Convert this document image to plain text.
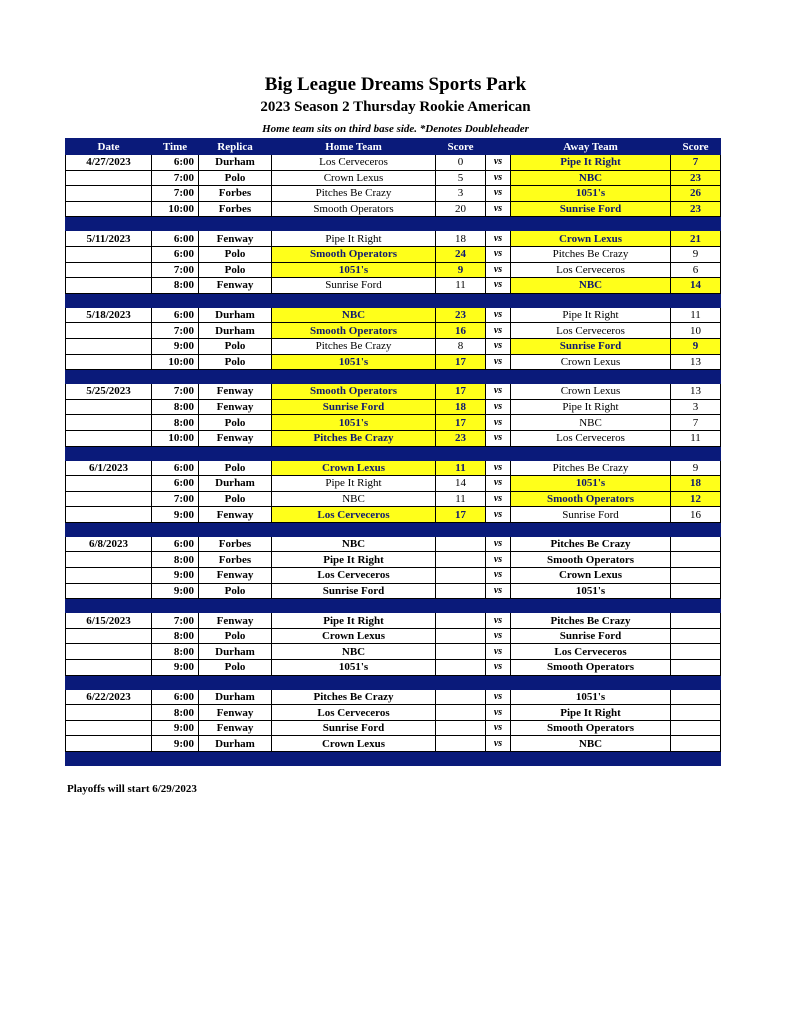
Big League Dreams Sports Park
2023 Season 2 Thursday Rookie American
Home team sits on third base side. *Denotes Doubleheader
Date	Time	Replica	Home Team	Score		Away Team	Score
4/27/2023	6:00	Durham	Los Cerveceros	0	vs	Pipe It Right	7
	7:00	Polo	Crown Lexus	5	vs	NBC	23
	7:00	Forbes	Pitches Be Crazy	3	vs	1051's	26
	10:00	Forbes	Smooth Operators	20	vs	Sunrise Ford	23

5/11/2023	6:00	Fenway	Pipe It Right	18	vs	Crown Lexus	21
	6:00	Polo	Smooth Operators	24	vs	Pitches Be Crazy	9
	7:00	Polo	1051's	9	vs	Los Cerveceros	6
	8:00	Fenway	Sunrise Ford	11	vs	NBC	14

5/18/2023	6:00	Durham	NBC	23	vs	Pipe It Right	11
	7:00	Durham	Smooth Operators	16	vs	Los Cerveceros	10
	9:00	Polo	Pitches Be Crazy	8	vs	Sunrise Ford	9
	10:00	Polo	1051's	17	vs	Crown Lexus	13

5/25/2023	7:00	Fenway	Smooth Operators	17	vs	Crown Lexus	13
	8:00	Fenway	Sunrise Ford	18	vs	Pipe It Right	3
	8:00	Polo	1051's	17	vs	NBC	7
	10:00	Fenway	Pitches Be Crazy	23	vs	Los Cerveceros	11

6/1/2023	6:00	Polo	Crown Lexus	11	vs	Pitches Be Crazy	9
	6:00	Durham	Pipe It Right	14	vs	1051's	18
	7:00	Polo	NBC	11	vs	Smooth Operators	12
	9:00	Fenway	Los Cerveceros	17	vs	Sunrise Ford	16

6/8/2023	6:00	Forbes	NBC		vs	Pitches Be Crazy	
	8:00	Forbes	Pipe It Right		vs	Smooth Operators	
	9:00	Fenway	Los Cerveceros		vs	Crown Lexus	
	9:00	Polo	Sunrise Ford		vs	1051's	

6/15/2023	7:00	Fenway	Pipe It Right		vs	Pitches Be Crazy	
	8:00	Polo	Crown Lexus		vs	Sunrise Ford	
	8:00	Durham	NBC		vs	Los Cerveceros	
	9:00	Polo	1051's		vs	Smooth Operators	

6/22/2023	6:00	Durham	Pitches Be Crazy		vs	1051's	
	8:00	Fenway	Los Cerveceros		vs	Pipe It Right	
	9:00	Fenway	Sunrise Ford		vs	Smooth Operators	
	9:00	Durham	Crown Lexus		vs	NBC	

Playoffs will start 6/29/2023
